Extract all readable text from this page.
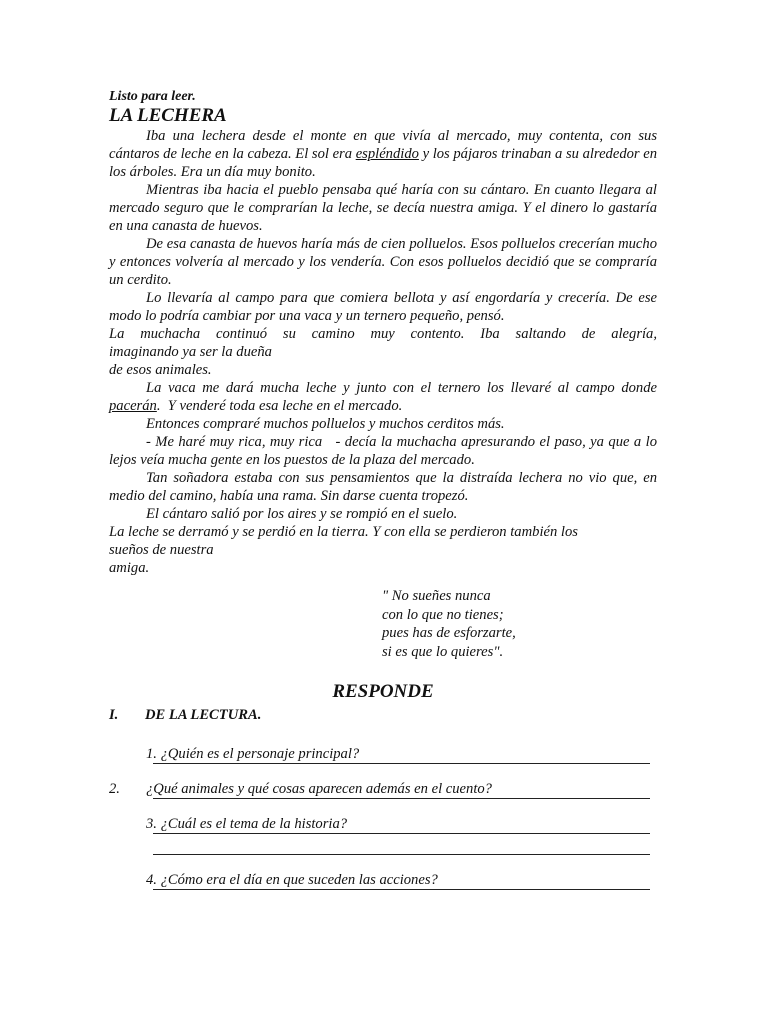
Listo para leer.
LA LECHERA

Iba una lechera desde el monte en que vivía al mercado, muy contenta, con sus cántaros de leche en la cabeza. El sol era espléndido y los pájaros trinaban a su alrededor en los árboles. Era un día muy bonito.

Mientras iba hacia el pueblo pensaba qué haría con su cántaro. En cuanto llegara al mercado seguro que le comprarían la leche, se decía nuestra amiga. Y el dinero lo gastaría en una canasta de huevos.

De esa canasta de huevos haría más de cien polluelos. Esos polluelos crecerían mucho y entonces volvería al mercado y los vendería. Con esos polluelos decidió que se compraría un cerdito.

Lo llevaría al campo para que comiera bellota y así engordaría y crecería. De ese modo lo podría cambiar por una vaca y un ternero pequeño, pensó.

La muchacha continuó su camino muy contento. Iba saltando de alegría,
imaginando ya ser la dueña
de esos animales.

La vaca me dará mucha leche y junto con el ternero los llevaré al campo donde pacerán.  Y venderé toda esa leche en el mercado.

Entonces compraré muchos polluelos y muchos cerditos más.

- Me haré muy rica, muy rica   - decía la muchacha apresurando el paso, ya que a lo lejos veía mucha gente en los puestos de la plaza del mercado.

Tan soñadora estaba con sus pensamientos que la distraída lechera no vio que, en medio del camino, había una rama. Sin darse cuenta tropezó.

El cántaro salió por los aires y se rompió en el suelo.

La leche se derramó y se perdió en la tierra. Y con ella se perdieron también los
sueños de nuestra
amiga.

" No sueñes nunca
con lo que no tienes;
pues has de esforzarte,
si es que lo quieres".
RESPONDE
I. DE LA LECTURA.
1. ¿Quién es el personaje principal?
2. ¿Qué animales y qué cosas aparecen además en el cuento?
3. ¿Cuál es el tema de la historia?
4. ¿Cómo era el día en que suceden las acciones?
